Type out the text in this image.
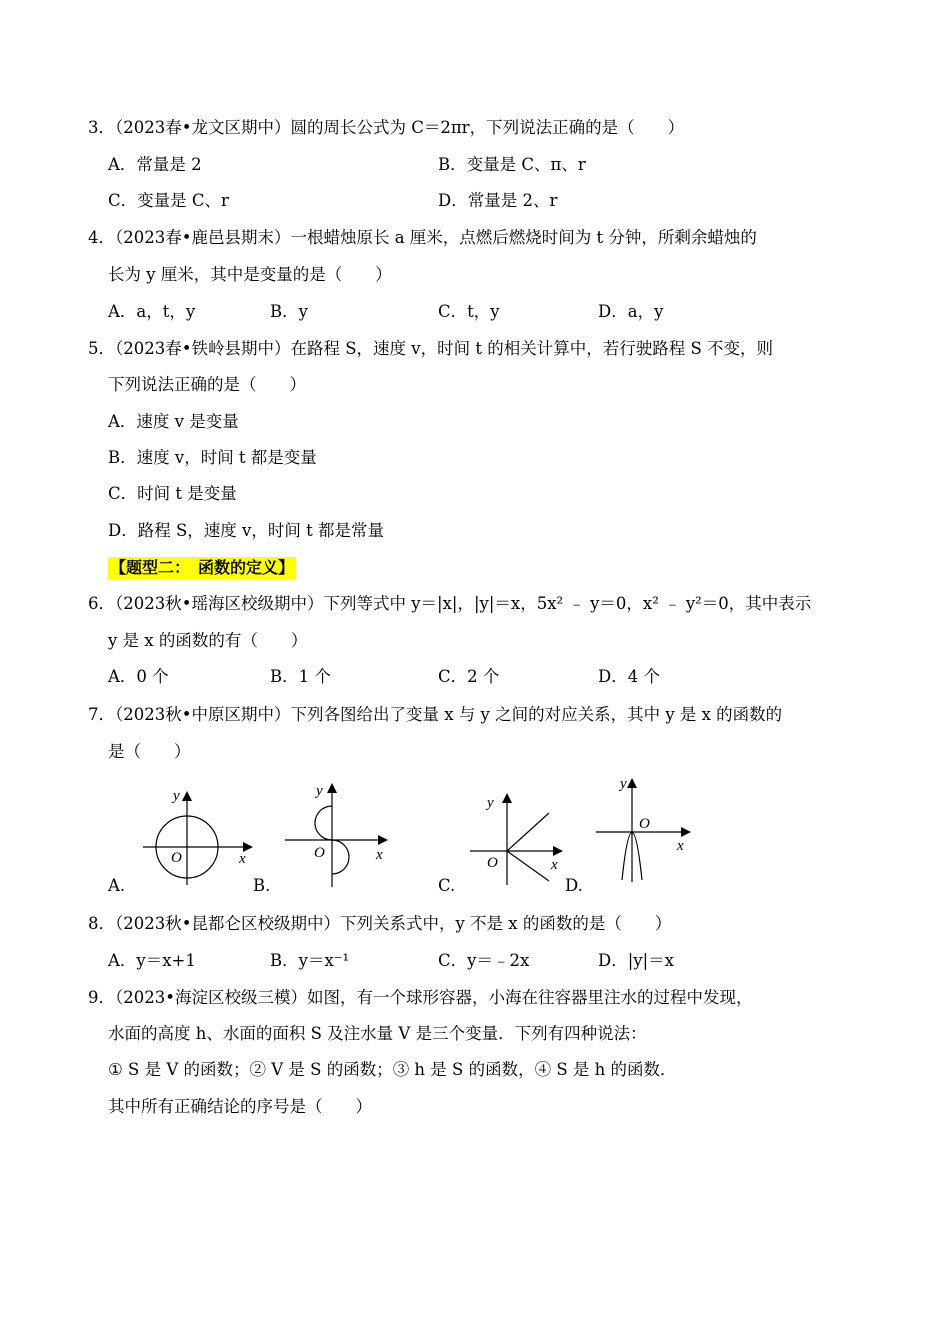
3．（2023春•龙文区期中）圆的周长公式为 C＝2πr，下列说法正确的是（　　）
A．常量是 2	B．变量是 C、π、r
C．变量是 C、r	D．常量是 2、r
4．（2023春•鹿邑县期末）一根蜡烛原长 a 厘米，点燃后燃烧时间为 t 分钟，所剩余蜡烛的
长为 y 厘米，其中是变量的是（　　）
A．a，t，y	B．y	C．t，y	D．a，y
5．（2023春•铁岭县期中）在路程 S，速度 v，时间 t 的相关计算中，若行驶路程 S 不变，则
下列说法正确的是（　　）
A．速度 v 是变量
B．速度 v，时间 t 都是变量
C．时间 t 是变量
D．路程 S，速度 v，时间 t 都是常量
【题型二：　函数的定义】
6．（2023秋•瑶海区校级期中）下列等式中 y＝|x|，|y|＝x，5x² ﹣ y＝0，x² ﹣ y²＝0，其中表示
y 是 x 的函数的有（　　）
A．0 个	B．1 个	C．2 个	D．4 个
7．（2023秋•中原区期中）下列各图给出了变量 x 与 y 之间的对应关系，其中 y 是 x 的函数的
是（　　）
y
O	x
A.
y
O	x
B.
y
O	x
C.
y
O
x
D.
8．（2023秋•昆都仑区校级期中）下列关系式中，y 不是 x 的函数的是（　　）
A．y＝x+1	B．y＝x⁻¹	C．y＝﹣2x	D．|y|＝x
9．（2023•海淀区校级三模）如图，有一个球形容器，小海在往容器里注水的过程中发现，
水面的高度 h、水面的面积 S 及注水量 V 是三个变量．下列有四种说法：
① S 是 V 的函数；② V 是 S 的函数；③ h 是 S 的函数，④ S 是 h 的函数．
其中所有正确结论的序号是（　　）
